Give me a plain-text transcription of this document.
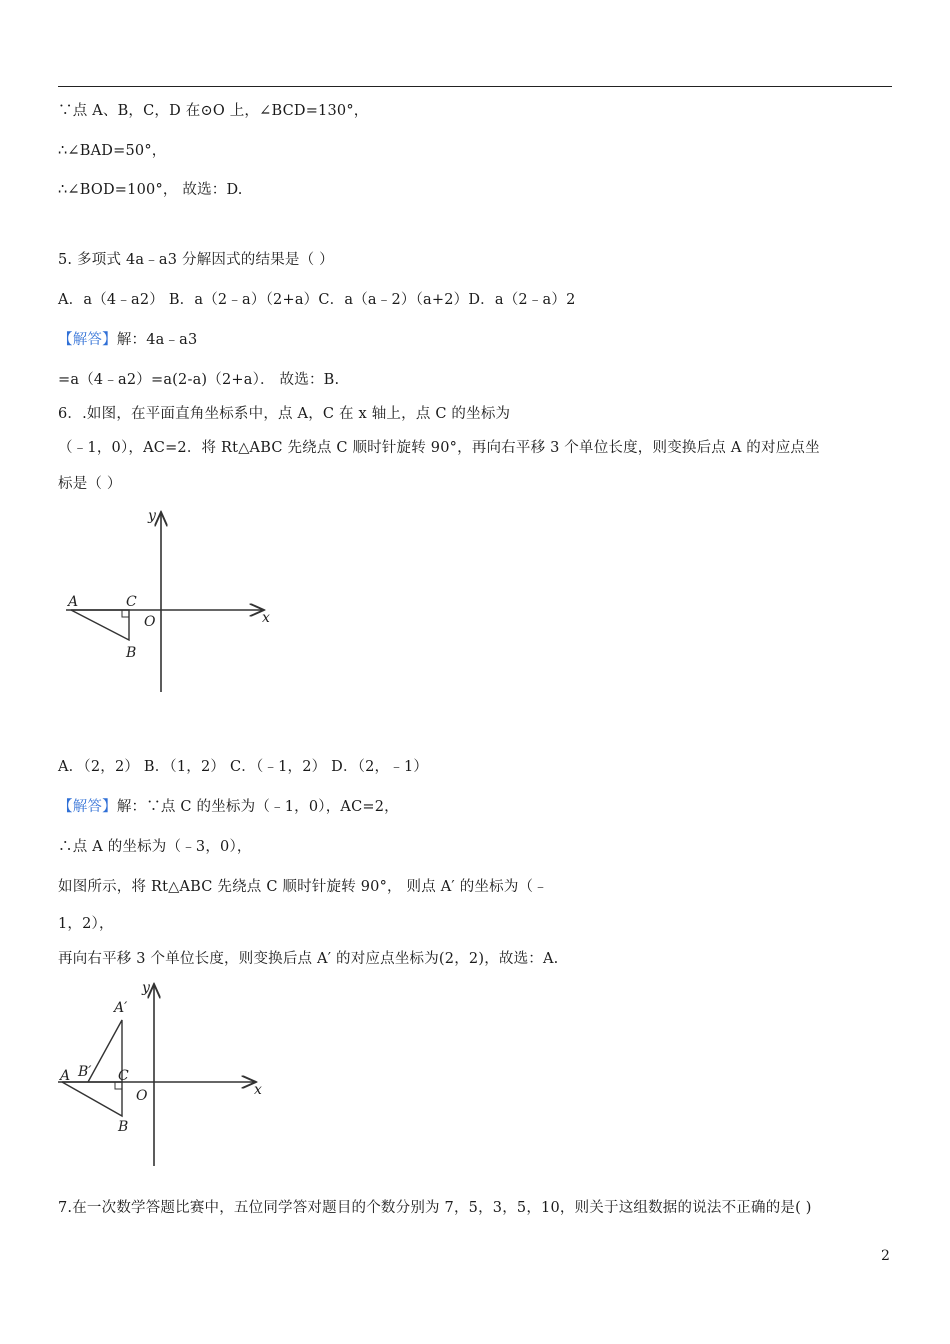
∵点 A、B，C，D 在⊙O 上，∠BCD=130°，
∴∠BAD=50°，
∴∠BOD=100°， 故选：D.
5. 多项式 4a﹣a3 分解因式的结果是（ ）
A．a（4﹣a2） B．a（2﹣a）（2+a）C．a（a﹣2）（a+2）D．a（2﹣a）2
【解答】解：4a﹣a3
=a（4﹣a2）=a(2-a)（2+a）． 故选：B.
6．.如图，在平面直角坐标系中，点 A，C 在 x 轴上，点 C 的坐标为
（﹣1，0），AC=2．将 Rt△ABC 先绕点 C 顺时针旋转 90°，再向右平移 3 个单位长度，则变换后点 A 的对应点坐
标是（ ）
y
x
A	C
O
B
A．（2，2） B．（1，2） C．（﹣1，2） D．（2，﹣1）
【解答】解：∵点 C 的坐标为（﹣1，0），AC=2，
∴点 A 的坐标为（﹣3，0），
如图所示，将 Rt△ABC 先绕点 C 顺时针旋转 90°， 则点 A′ 的坐标为（﹣
1，2），
再向右平移 3 个单位长度，则变换后点 A′ 的对应点坐标为(2，2)，故选：A.
y
x
A′
A B′ C
O
B
7.在一次数学答题比赛中，五位同学答对题目的个数分别为 7，5，3，5，10，则关于这组数据的说法不正确的是( )
2
